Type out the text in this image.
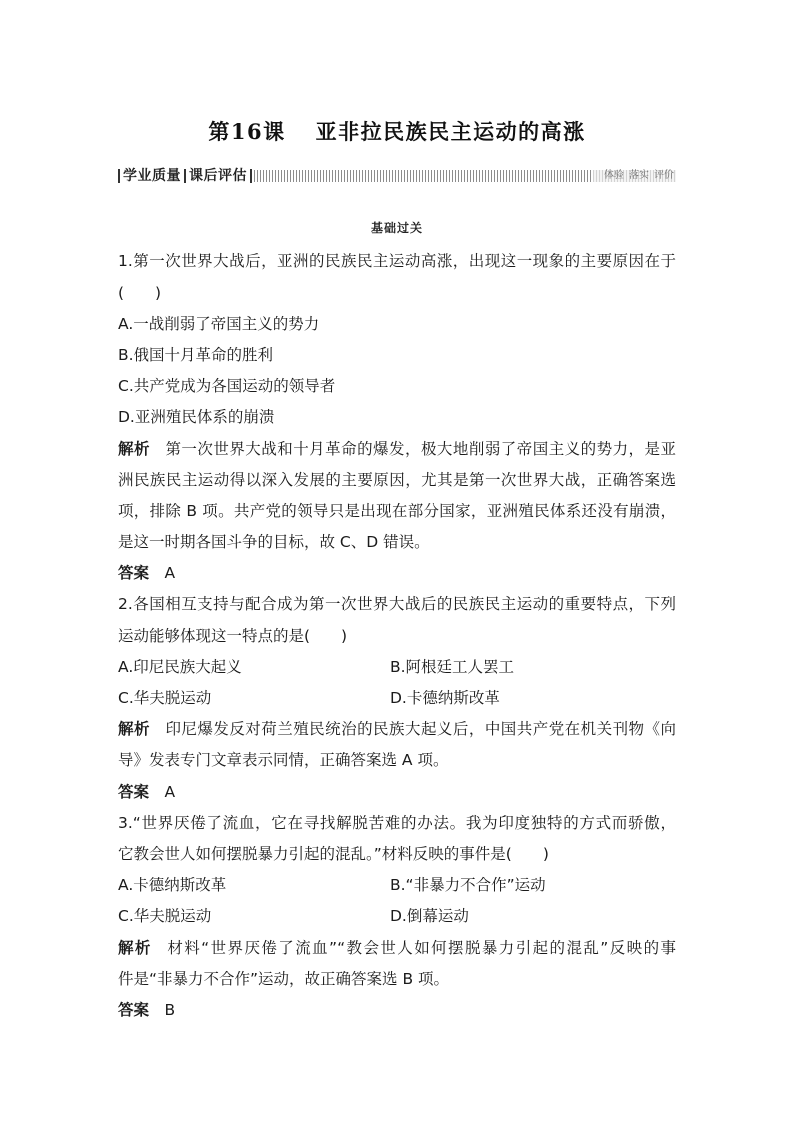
第16课 亚非拉民族民主运动的高涨
学业质量 课后评估	体验 落实 评价
基础过关
1.第一次世界大战后，亚洲的民族民主运动高涨，出现这一现象的主要原因在于
(　　)
A.一战削弱了帝国主义的势力
B.俄国十月革命的胜利
C.共产党成为各国运动的领导者
D.亚洲殖民体系的崩溃
解析 第一次世界大战和十月革命的爆发，极大地削弱了帝国主义的势力，是亚
洲民族民主运动得以深入发展的主要原因，尤其是第一次世界大战，正确答案选
项，排除 B 项。共产党的领导只是出现在部分国家，亚洲殖民体系还没有崩溃，
是这一时期各国斗争的目标，故 C、D 错误。
答案 A
2.各国相互支持与配合成为第一次世界大战后的民族民主运动的重要特点，下列
运动能够体现这一特点的是(　　)
A.印尼民族大起义	B.阿根廷工人罢工
C.华夫脱运动	D.卡德纳斯改革
解析 印尼爆发反对荷兰殖民统治的民族大起义后，中国共产党在机关刊物《向
导》发表专门文章表示同情，正确答案选 A 项。
答案 A
3.“世界厌倦了流血，它在寻找解脱苦难的办法。我为印度独特的方式而骄傲，
它教会世人如何摆脱暴力引起的混乱。”材料反映的事件是(　　)
A.卡德纳斯改革	B.“非暴力不合作”运动
C.华夫脱运动	D.倒幕运动
解析 材料“世界厌倦了流血”“教会世人如何摆脱暴力引起的混乱”反映的事
件是“非暴力不合作”运动，故正确答案选 B 项。
答案 B
